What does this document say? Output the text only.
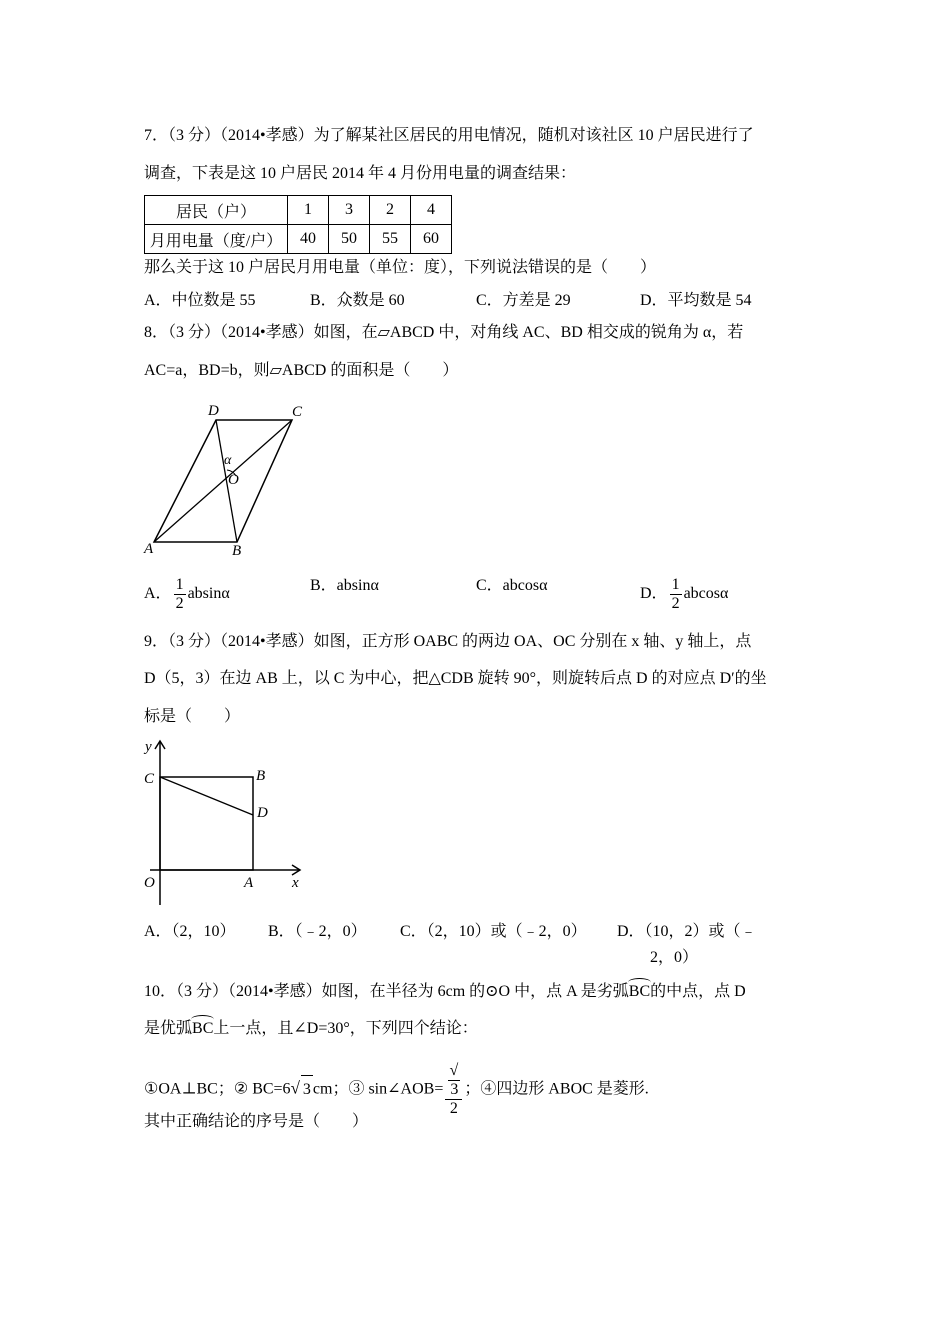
7．（3 分）（2014•孝感）为了解某社区居民的用电情况，随机对该社区 10 户居民进行了
调查，下表是这 10 户居民 2014 年 4 月份用电量的调查结果：
居民（户）	1	3	2	4
月用电量（度/户）	40	50	55	60
那么关于这 10 户居民月用电量（单位：度），下列说法错误的是（　　）
A．中位数是 55	B．众数是 60	C．方差是 29	D．平均数是 54
8．（3 分）（2014•孝感）如图，在▱ABCD 中，对角线 AC、BD 相交成的锐角为 α，若
AC=a，BD=b，则▱ABCD 的面积是（　　）
D	C
α
O
A	B
A． $\frac{1}{2}$ absinα	B．absinα	C．abcosα	D． $\frac{1}{2}$ abcosα
9．（3 分）（2014•孝感）如图，正方形 OABC 的两边 OA、OC 分别在 x 轴、y 轴上，点
D（5，3）在边 AB 上，以 C 为中心，把△CDB 旋转 90°，则旋转后点 D 的对应点 D′的坐
标是（　　）
y
x
C	B
D
O	A
A．（2，10） B．（﹣2，0） C．（2，10）或（﹣2，0） D．（10，2）或（﹣
2，0）
10．（3 分）（2014•孝感）如图，在半径为 6cm 的⊙O 中，点 A 是劣弧BC的中点，点 D
是优弧BC上一点，且∠D=30°，下列四个结论：
①OA⊥BC；② BC=6√ 3 cm；③ sin∠AOB= √
3
2 ；④四边形 ABOC 是菱形.
其中正确结论的序号是（　　）
